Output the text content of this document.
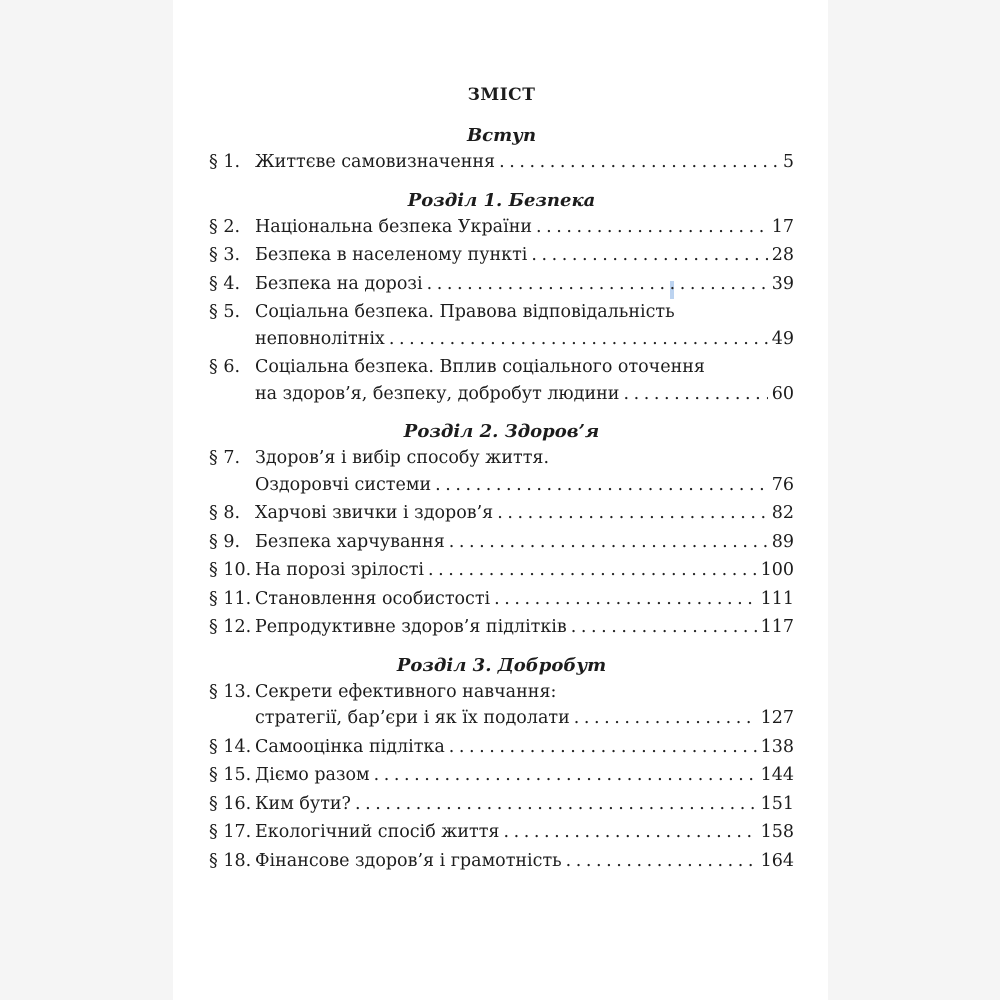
ЗМІСТ
Вступ
§ 1. Життєве самовизначення . . .	5
Розділ 1. Безпека
§ 2. Національна безпека України . . .	17
§ 3. Безпека в населеному пункті . . .	28
§ 4. Безпека на дорозі . . .	39
§ 5. Соціальна безпека. Правова відповідальність
неповнолітніх . . .	49
§ 6. Соціальна безпека. Вплив соціального оточення
на здоров’я, безпеку, добробут людини . . .	60
Розділ 2. Здоров’я
§ 7. Здоров’я і вибір способу життя.
Оздоровчі системи . . .	76
§ 8. Харчові звички і здоров’я . . .	82
§ 9. Безпека харчування . . .	89
§ 10. На порозі зрілості . . .	100
§ 11. Становлення особистості . . .	111
§ 12. Репродуктивне здоров’я підлітків . . .	117
Розділ 3. Добробут
§ 13. Секрети ефективного навчання:
стратегії, бар’єри і як їх подолати . . .	127
§ 14. Самооцінка підлітка . . .	138
§ 15. Діємо разом . . .	144
§ 16. Ким бути? . . .	151
§ 17. Екологічний спосіб життя . . .	158
§ 18. Фінансове здоров’я і грамотність . . .	164
